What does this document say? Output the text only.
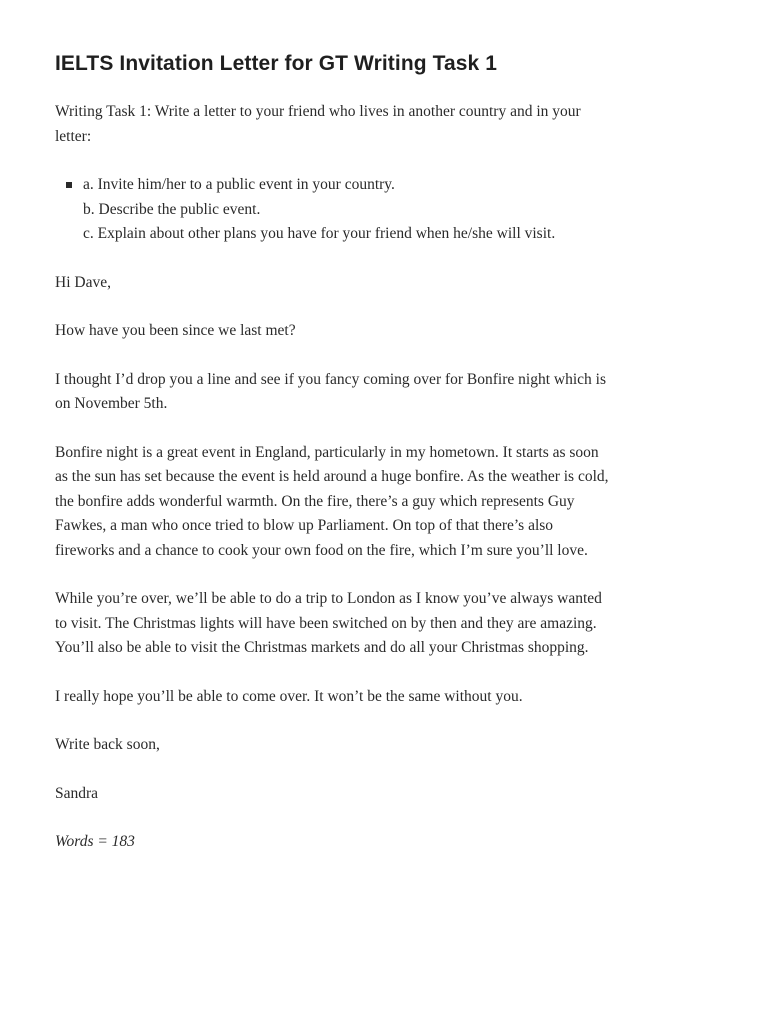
IELTS Invitation Letter for GT Writing Task 1

Writing Task 1: Write a letter to your friend who lives in another country and in your letter:

a. Invite him/her to a public event in your country.
b. Describe the public event.
c. Explain about other plans you have for your friend when he/she will visit.

Hi Dave,

How have you been since we last met?

I thought I’d drop you a line and see if you fancy coming over for Bonfire night which is on November 5th.

Bonfire night is a great event in England, particularly in my hometown. It starts as soon as the sun has set because the event is held around a huge bonfire. As the weather is cold, the bonfire adds wonderful warmth. On the fire, there’s a guy which represents Guy Fawkes, a man who once tried to blow up Parliament. On top of that there’s also fireworks and a chance to cook your own food on the fire, which I’m sure you’ll love.

While you’re over, we’ll be able to do a trip to London as I know you’ve always wanted to visit. The Christmas lights will have been switched on by then and they are amazing. You’ll also be able to visit the Christmas markets and do all your Christmas shopping.

I really hope you’ll be able to come over. It won’t be the same without you.

Write back soon,

Sandra

Words = 183
